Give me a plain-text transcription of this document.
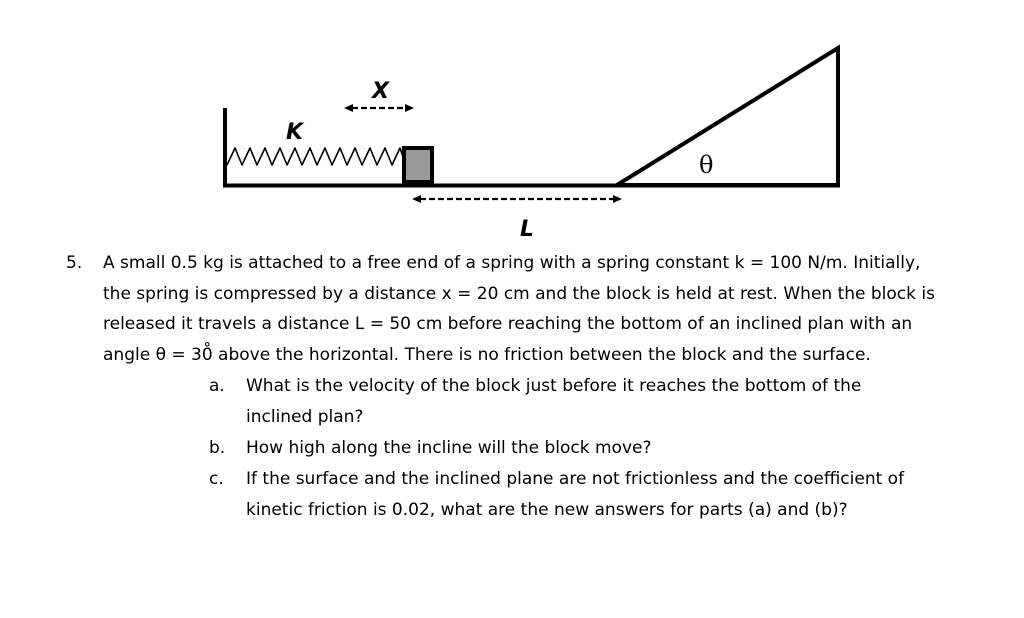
K
X
L
θ
5. A small 0.5 kg is attached to a free end of a spring with a spring constant k = 100 N/m. Initially,
the spring is compressed by a distance x = 20 cm and the block is held at rest. When the block is
released it travels a distance L = 50 cm before reaching the bottom of an inclined plan with an
angle θ = 30̊ above the horizontal. There is no friction between the block and the surface.
a. What is the velocity of the block just before it reaches the bottom of the
inclined plan?
b. How high along the incline will the block move?
c. If the surface and the inclined plane are not frictionless and the coefficient of
kinetic friction is 0.02, what are the new answers for parts (a) and (b)?
